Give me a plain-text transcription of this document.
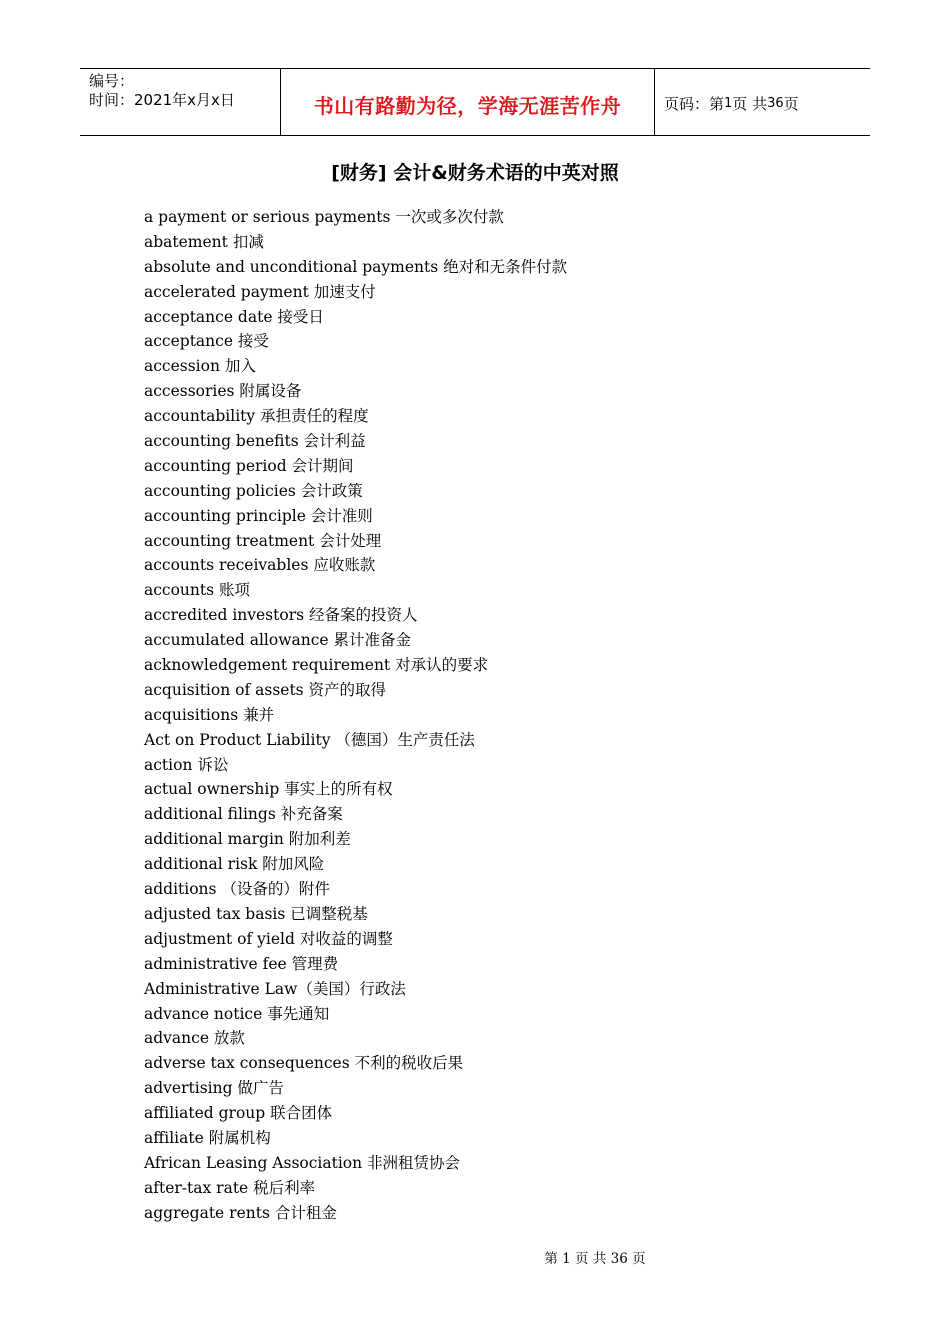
编号：
时间：2021年x月x日	书山有路勤为径，学海无涯苦作舟	页码：第 1 页 共 36 页
[财务] 会计&财务术语的中英对照
a payment or serious payments 一次或多次付款
abatement 扣减
absolute and unconditional payments 绝对和无条件付款
accelerated payment 加速支付
acceptance date 接受日
acceptance 接受
accession 加入
accessories 附属设备
accountability 承担责任的程度
accounting benefits 会计利益
accounting period 会计期间
accounting policies 会计政策
accounting principle 会计准则
accounting treatment 会计处理
accounts receivables 应收账款
accounts 账项
accredited investors 经备案的投资人
accumulated allowance 累计准备金
acknowledgement requirement 对承认的要求
acquisition of assets 资产的取得
acquisitions 兼并
Act on Product Liability （德国）生产责任法
action 诉讼
actual ownership 事实上的所有权
additional filings 补充备案
additional margin 附加利差
additional risk 附加风险
additions （设备的）附件
adjusted tax basis 已调整税基
adjustment of yield 对收益的调整
administrative fee 管理费
Administrative Law（美国）行政法
advance notice 事先通知
advance 放款
adverse tax consequences 不利的税收后果
advertising 做广告
affiliated group 联合团体
affiliate 附属机构
African Leasing Association 非洲租赁协会
after-tax rate 税后利率
aggregate rents 合计租金
第 1 页 共 36 页
